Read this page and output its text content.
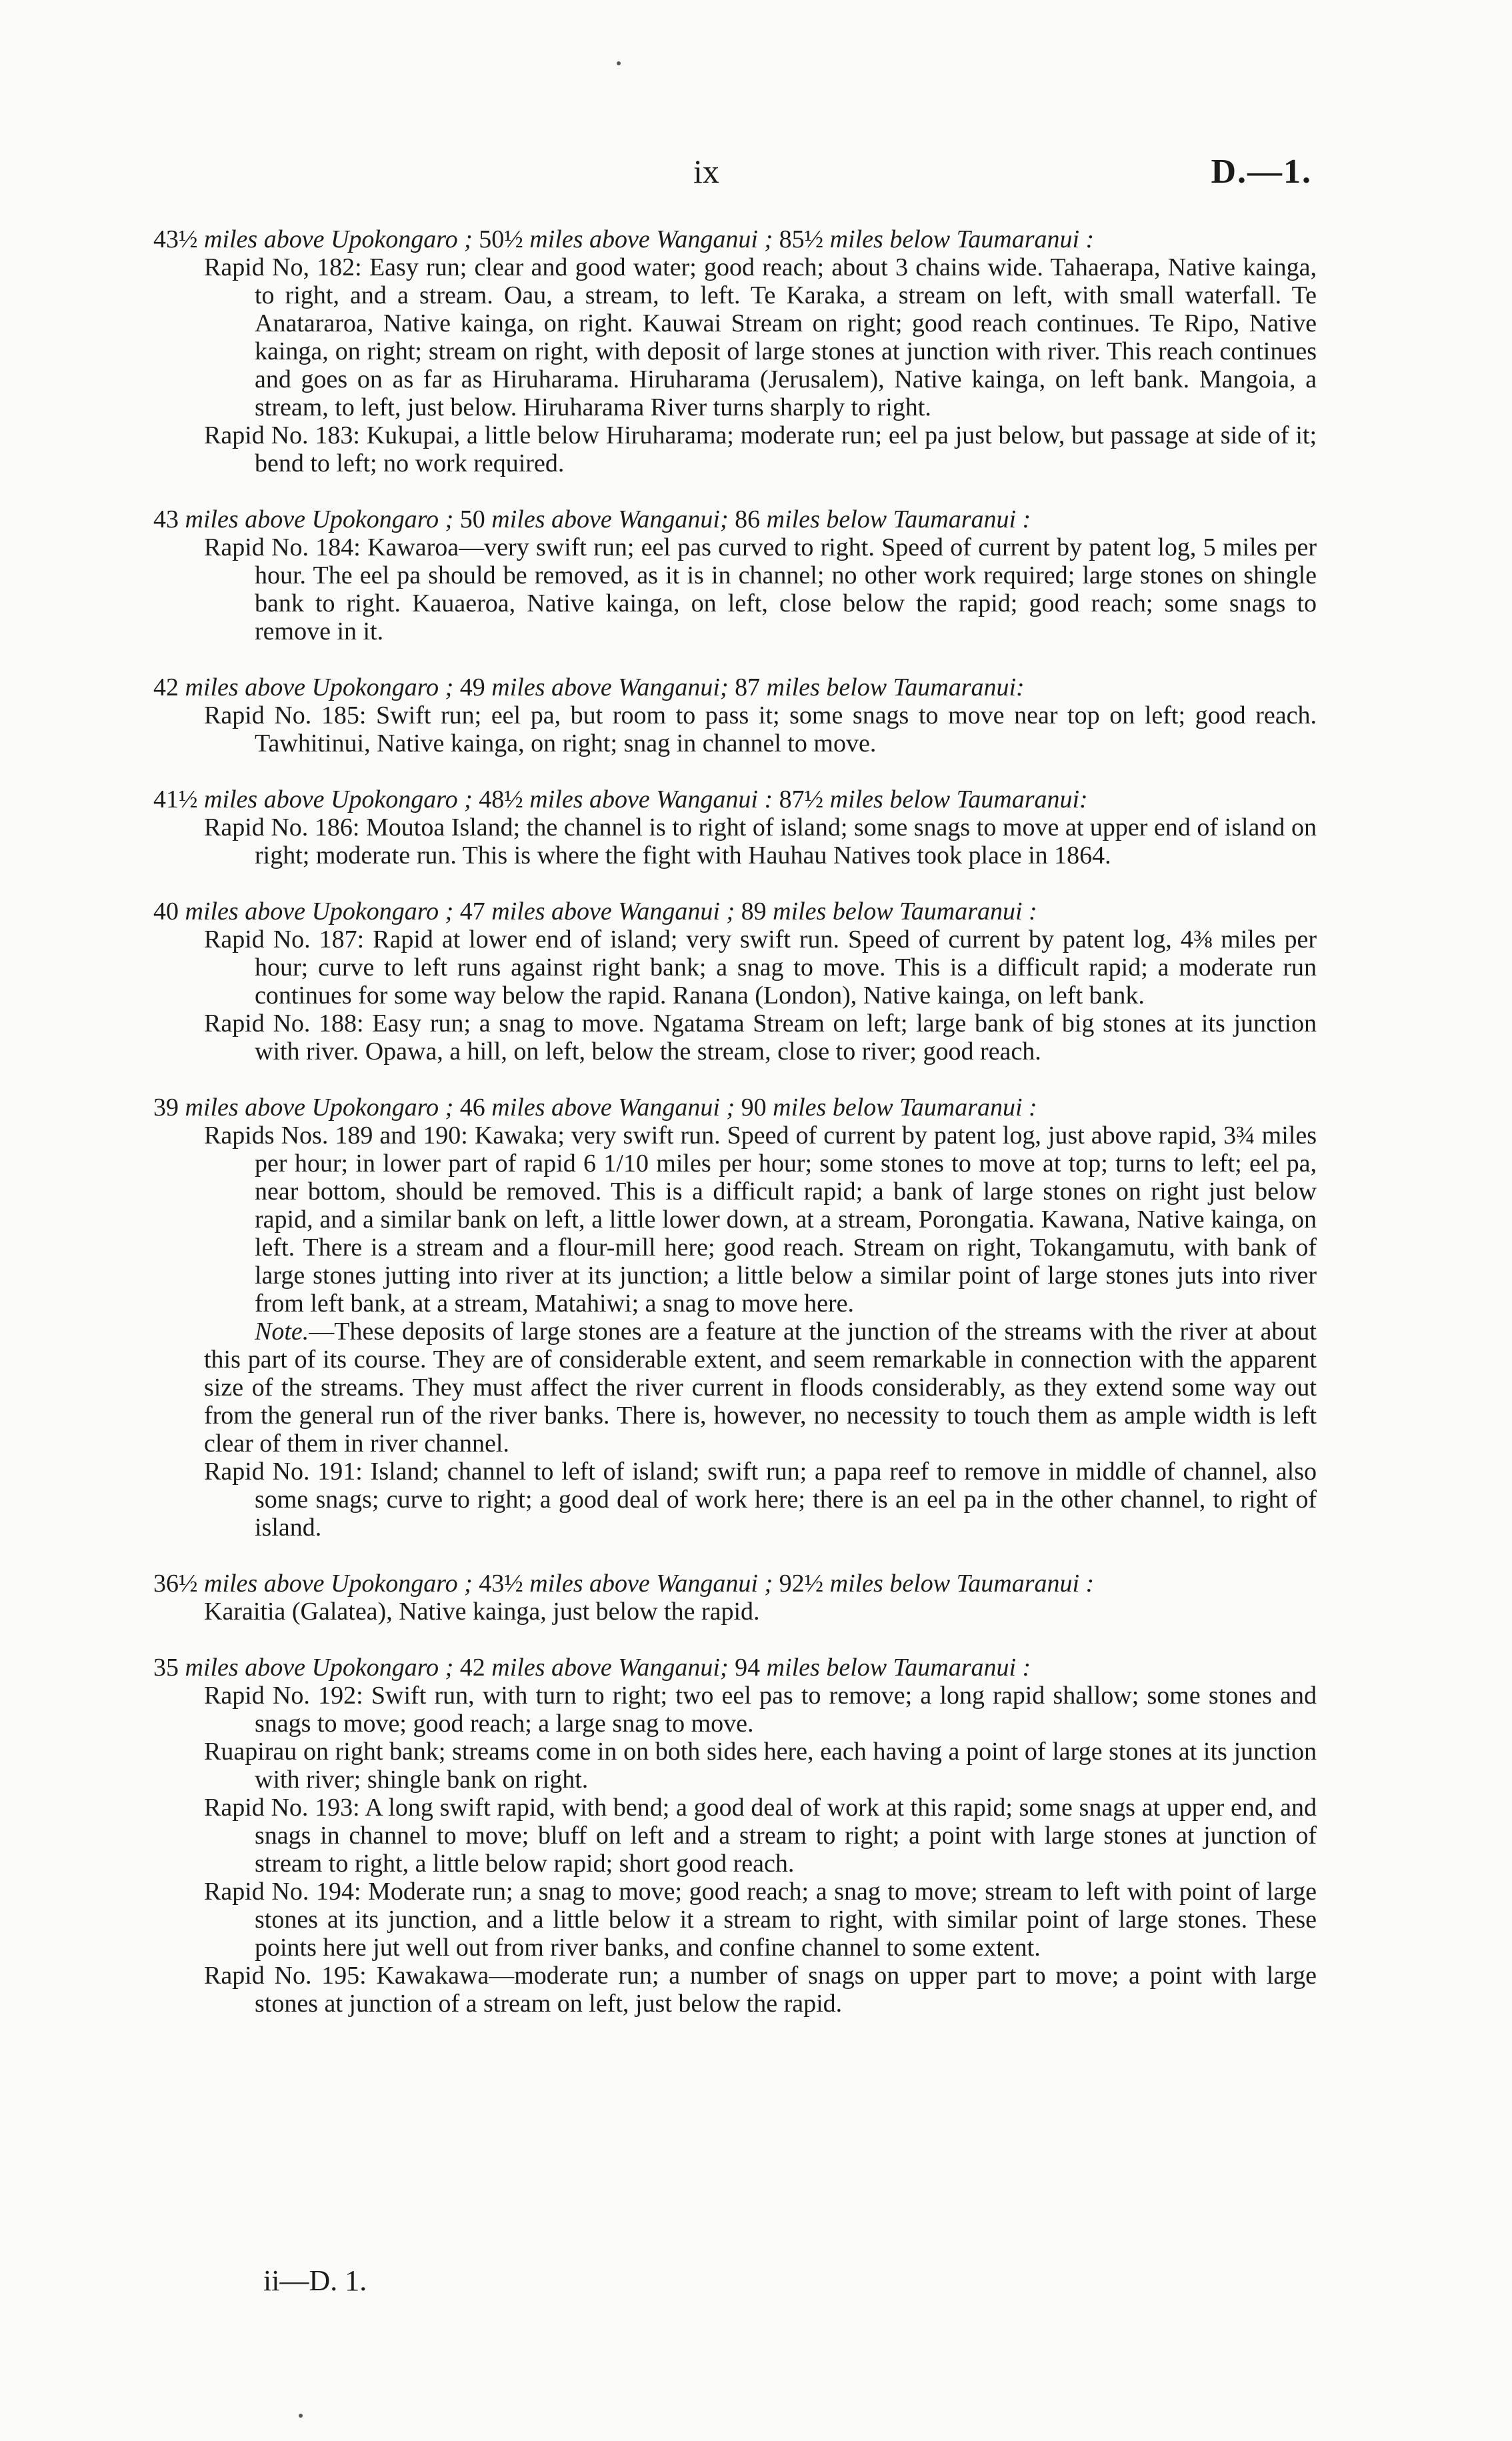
ix	D.—1.
43½ miles above Upokongaro ; 50½ miles above Wanganui ; 85½ miles below Taumaranui :
Rapid No, 182: Easy run; clear and good water; good reach; about 3 chains wide. Tahaerapa, Native kainga, to right, and a stream. Oau, a stream, to left. Te Karaka, a stream on left, with small waterfall. Te Anatararoa, Native kainga, on right. Kauwai Stream on right; good reach continues. Te Ripo, Native kainga, on right; stream on right, with deposit of large stones at junction with river. This reach continues and goes on as far as Hiruharama. Hiruharama (Jerusalem), Native kainga, on left bank. Mangoia, a stream, to left, just below. Hiruharama River turns sharply to right.
Rapid No. 183: Kukupai, a little below Hiruharama; moderate run; eel pa just below, but passage at side of it; bend to left; no work required.
43 miles above Upokongaro ; 50 miles above Wanganui; 86 miles below Taumaranui :
Rapid No. 184: Kawaroa—very swift run; eel pas curved to right. Speed of current by patent log, 5 miles per hour. The eel pa should be removed, as it is in channel; no other work required; large stones on shingle bank to right. Kauaeroa, Native kainga, on left, close below the rapid; good reach; some snags to remove in it.
42 miles above Upokongaro ; 49 miles above Wanganui; 87 miles below Taumaranui:
Rapid No. 185: Swift run; eel pa, but room to pass it; some snags to move near top on left; good reach. Tawhitinui, Native kainga, on right; snag in channel to move.
41½ miles above Upokongaro ; 48½ miles above Wanganui : 87½ miles below Taumaranui:
Rapid No. 186: Moutoa Island; the channel is to right of island; some snags to move at upper end of island on right; moderate run. This is where the fight with Hauhau Natives took place in 1864.
40 miles above Upokongaro ; 47 miles above Wanganui ; 89 miles below Taumaranui :
Rapid No. 187: Rapid at lower end of island; very swift run. Speed of current by patent log, 4⅜ miles per hour; curve to left runs against right bank; a snag to move. This is a difficult rapid; a moderate run continues for some way below the rapid. Ranana (London), Native kainga, on left bank.
Rapid No. 188: Easy run; a snag to move. Ngatama Stream on left; large bank of big stones at its junction with river. Opawa, a hill, on left, below the stream, close to river; good reach.
39 miles above Upokongaro ; 46 miles above Wanganui ; 90 miles below Taumaranui :
Rapids Nos. 189 and 190: Kawaka; very swift run. Speed of current by patent log, just above rapid, 3¾ miles per hour; in lower part of rapid 6 1/10 miles per hour; some stones to move at top; turns to left; eel pa, near bottom, should be removed. This is a difficult rapid; a bank of large stones on right just below rapid, and a similar bank on left, a little lower down, at a stream, Porongatia. Kawana, Native kainga, on left. There is a stream and a flour-mill here; good reach. Stream on right, Tokangamutu, with bank of large stones jutting into river at its junction; a little below a similar point of large stones juts into river from left bank, at a stream, Matahiwi; a snag to move here.
Note.—These deposits of large stones are a feature at the junction of the streams with the river at about this part of its course. They are of considerable extent, and seem remarkable in connection with the apparent size of the streams. They must affect the river current in floods considerably, as they extend some way out from the general run of the river banks. There is, however, no necessity to touch them as ample width is left clear of them in river channel.
Rapid No. 191: Island; channel to left of island; swift run; a papa reef to remove in middle of channel, also some snags; curve to right; a good deal of work here; there is an eel pa in the other channel, to right of island.
36½ miles above Upokongaro ; 43½ miles above Wanganui ; 92½ miles below Taumaranui :
Karaitia (Galatea), Native kainga, just below the rapid.
35 miles above Upokongaro ; 42 miles above Wanganui; 94 miles below Taumaranui :
Rapid No. 192: Swift run, with turn to right; two eel pas to remove; a long rapid shallow; some stones and snags to move; good reach; a large snag to move.
Ruapirau on right bank; streams come in on both sides here, each having a point of large stones at its junction with river; shingle bank on right.
Rapid No. 193: A long swift rapid, with bend; a good deal of work at this rapid; some snags at upper end, and snags in channel to move; bluff on left and a stream to right; a point with large stones at junction of stream to right, a little below rapid; short good reach.
Rapid No. 194: Moderate run; a snag to move; good reach; a snag to move; stream to left with point of large stones at its junction, and a little below it a stream to right, with similar point of large stones. These points here jut well out from river banks, and confine channel to some extent.
Rapid No. 195: Kawakawa—moderate run; a number of snags on upper part to move; a point with large stones at junction of a stream on left, just below the rapid.
ii—D. 1.
